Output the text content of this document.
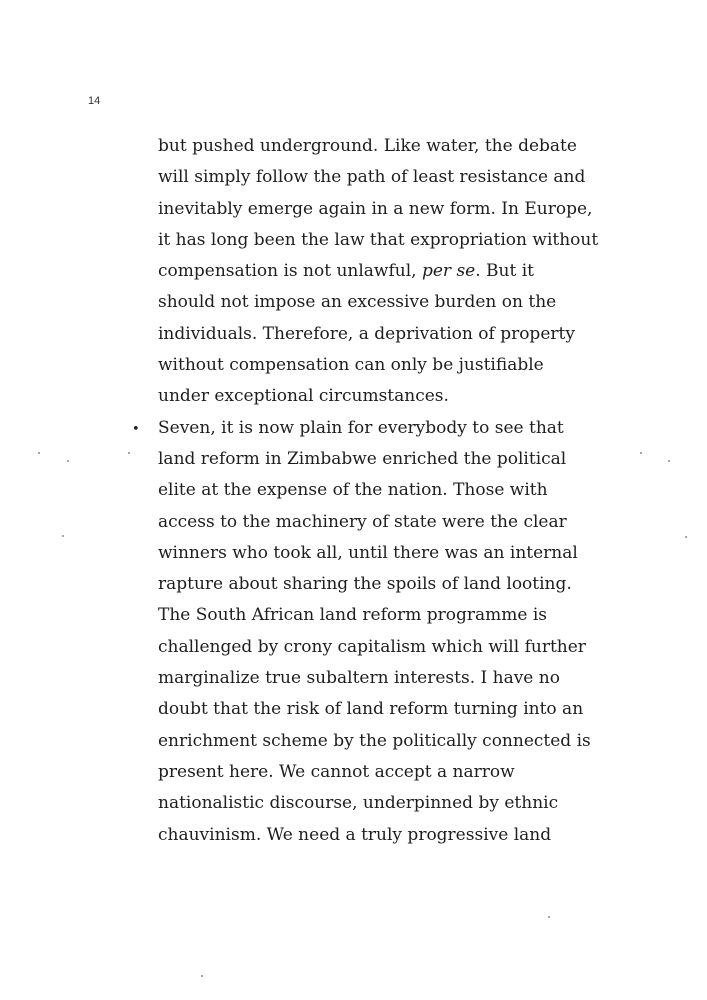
14
but pushed underground. Like water, the debate
will simply follow the path of least resistance and
inevitably emerge again in a new form. In Europe,
it has long been the law that expropriation without
compensation is not unlawful, per se. But it
should not impose an excessive burden on the
individuals. Therefore, a deprivation of property
without compensation can only be justifiable
under exceptional circumstances.
Seven, it is now plain for everybody to see that
land reform in Zimbabwe enriched the political
elite at the expense of the nation. Those with
access to the machinery of state were the clear
winners who took all, until there was an internal
rapture about sharing the spoils of land looting.
The South African land reform programme is
challenged by crony capitalism which will further
marginalize true subaltern interests. I have no
doubt that the risk of land reform turning into an
enrichment scheme by the politically connected is
present here. We cannot accept a narrow
nationalistic discourse, underpinned by ethnic
chauvinism. We need a truly progressive land
•
